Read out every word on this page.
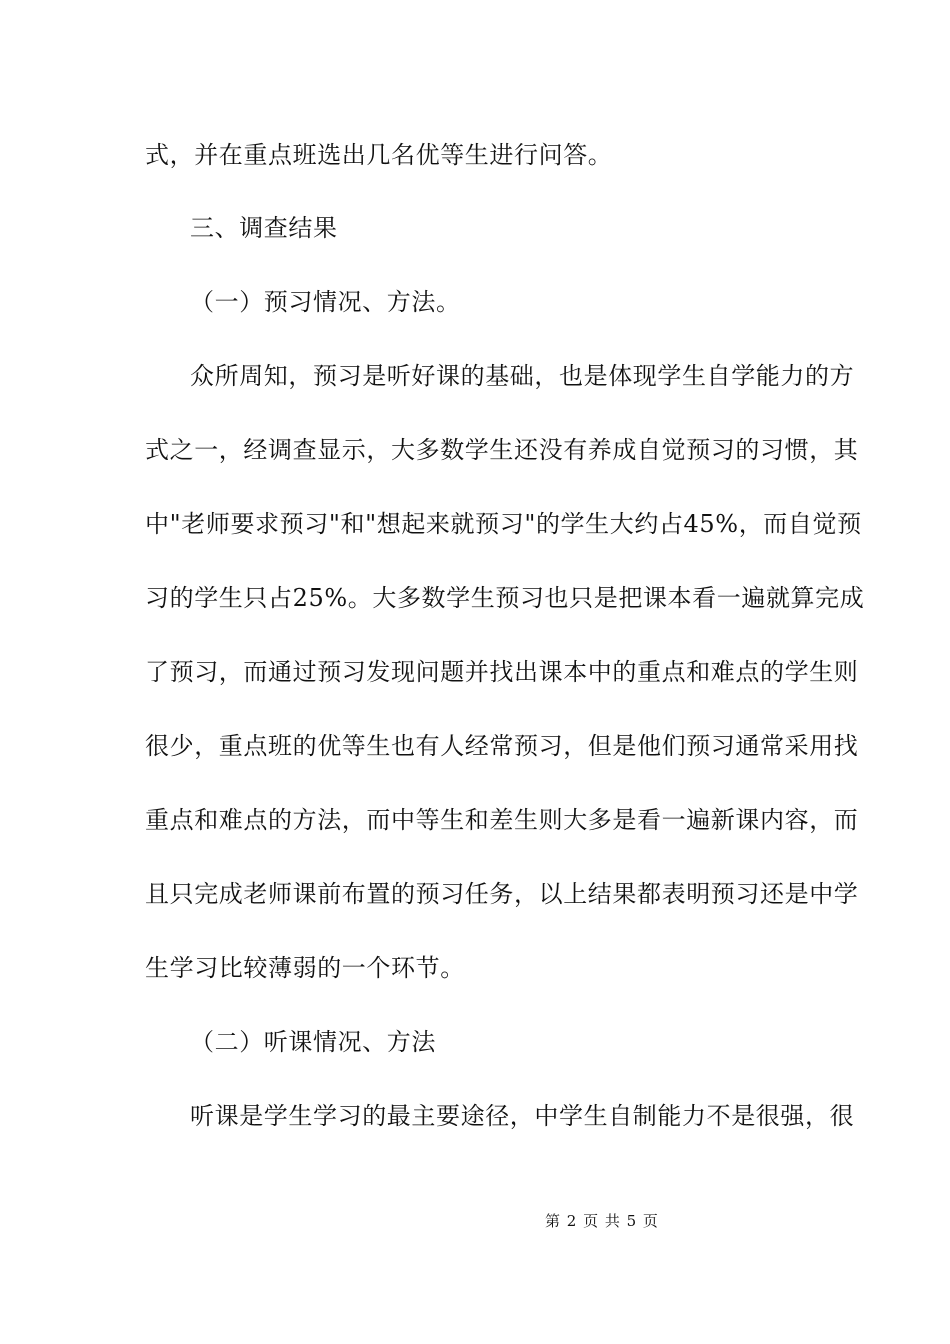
式，并在重点班选出几名优等生进行问答。
三、调查结果
（一）预习情况、方法。
众所周知，预习是听好课的基础，也是体现学生自学能力的方
式之一，经调查显示，大多数学生还没有养成自觉预习的习惯，其
中"老师要求预习"和"想起来就预习"的学生大约占45%，而自觉预
习的学生只占25%。大多数学生预习也只是把课本看一遍就算完成
了预习，而通过预习发现问题并找出课本中的重点和难点的学生则
很少，重点班的优等生也有人经常预习，但是他们预习通常采用找
重点和难点的方法，而中等生和差生则大多是看一遍新课内容，而
且只完成老师课前布置的预习任务，以上结果都表明预习还是中学
生学习比较薄弱的一个环节。
（二）听课情况、方法
听课是学生学习的最主要途径，中学生自制能力不是很强，很
第 2 页 共 5 页
